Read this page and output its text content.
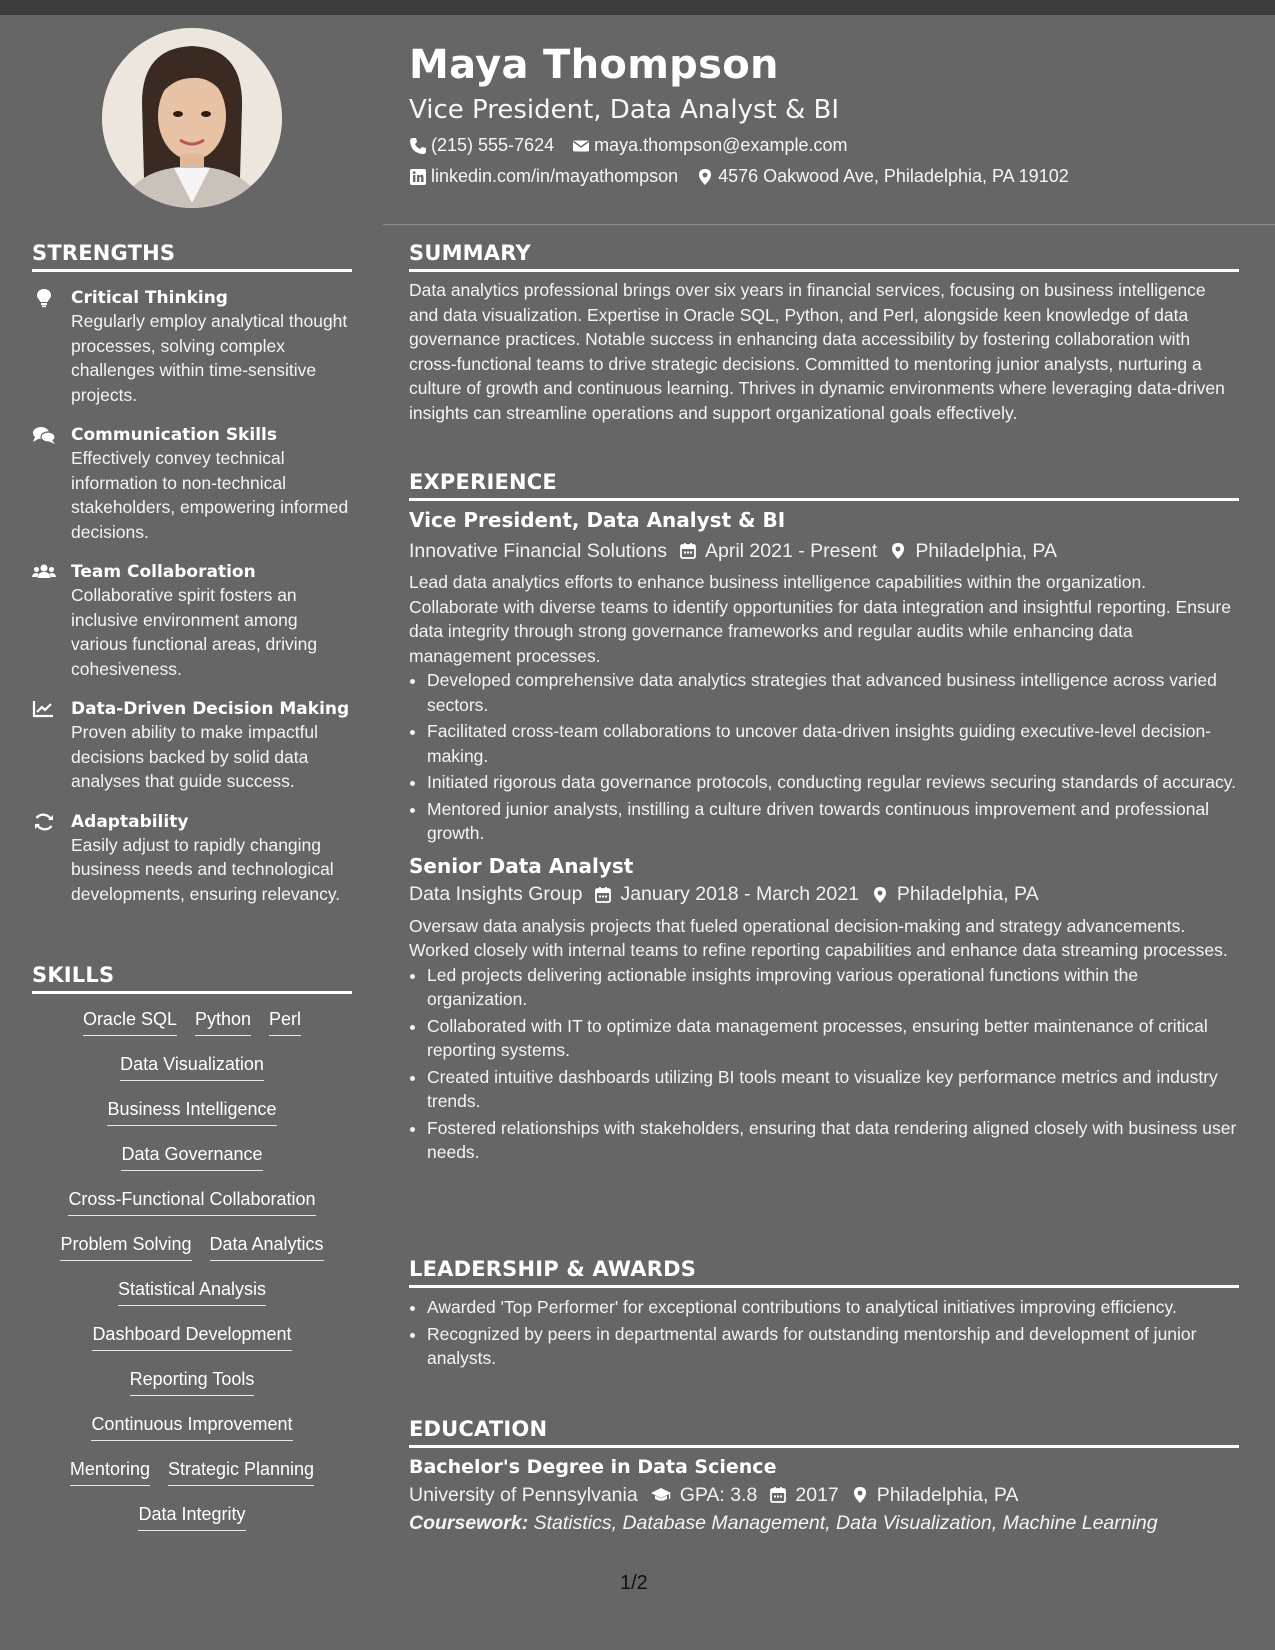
STRENGTHS
Critical Thinking
Regularly employ analytical thought processes, solving complex challenges within time-sensitive projects.
Communication Skills
Effectively convey technical information to non-technical stakeholders, empowering informed decisions.
Team Collaboration
Collaborative spirit fosters an inclusive environment among various functional areas, driving cohesiveness.
Data-Driven Decision Making
Proven ability to make impactful decisions backed by solid data analyses that guide success.
Adaptability
Easily adjust to rapidly changing business needs and technological developments, ensuring relevancy.
SKILLS
Oracle SQL Python Perl
Data Visualization
Business Intelligence
Data Governance
Cross-Functional Collaboration
Problem Solving Data Analytics
Statistical Analysis
Dashboard Development
Reporting Tools
Continuous Improvement
Mentoring Strategic Planning
Data Integrity
Maya Thompson
Vice President, Data Analyst & BI
(215) 555-7624 maya.thompson@example.com
linkedin.com/in/mayathompson 4576 Oakwood Ave, Philadelphia, PA 19102
SUMMARY

Data analytics professional brings over six years in financial services, focusing on business intelligence and data visualization. Expertise in Oracle SQL, Python, and Perl, alongside keen knowledge of data governance practices. Notable success in enhancing data accessibility by fostering collaboration with cross-functional teams to drive strategic decisions. Committed to mentoring junior analysts, nurturing a culture of growth and continuous learning. Thrives in dynamic environments where leveraging data-driven insights can streamline operations and support organizational goals effectively.

EXPERIENCE
Vice President, Data Analyst & BI
Innovative Financial Solutions April 2021 - Present Philadelphia, PA

Lead data analytics efforts to enhance business intelligence capabilities within the organization. Collaborate with diverse teams to identify opportunities for data integration and insightful reporting. Ensure data integrity through strong governance frameworks and regular audits while enhancing data management processes.

• Developed comprehensive data analytics strategies that advanced business intelligence across varied sectors.
• Facilitated cross-team collaborations to uncover data-driven insights guiding executive-level decision-making.
• Initiated rigorous data governance protocols, conducting regular reviews securing standards of accuracy.
• Mentored junior analysts, instilling a culture driven towards continuous improvement and professional growth.
Senior Data Analyst
Data Insights Group January 2018 - March 2021 Philadelphia, PA

Oversaw data analysis projects that fueled operational decision-making and strategy advancements. Worked closely with internal teams to refine reporting capabilities and enhance data streaming processes.

• Led projects delivering actionable insights improving various operational functions within the organization.
• Collaborated with IT to optimize data management processes, ensuring better maintenance of critical reporting systems.
• Created intuitive dashboards utilizing BI tools meant to visualize key performance metrics and industry trends.
• Fostered relationships with stakeholders, ensuring that data rendering aligned closely with business user needs.
LEADERSHIP & AWARDS
• Awarded 'Top Performer' for exceptional contributions to analytical initiatives improving efficiency.
• Recognized by peers in departmental awards for outstanding mentorship and development of junior analysts.
EDUCATION
Bachelor's Degree in Data Science
University of Pennsylvania GPA: 3.8 2017 Philadelphia, PA
Coursework: Statistics, Database Management, Data Visualization, Machine Learning
1/2
